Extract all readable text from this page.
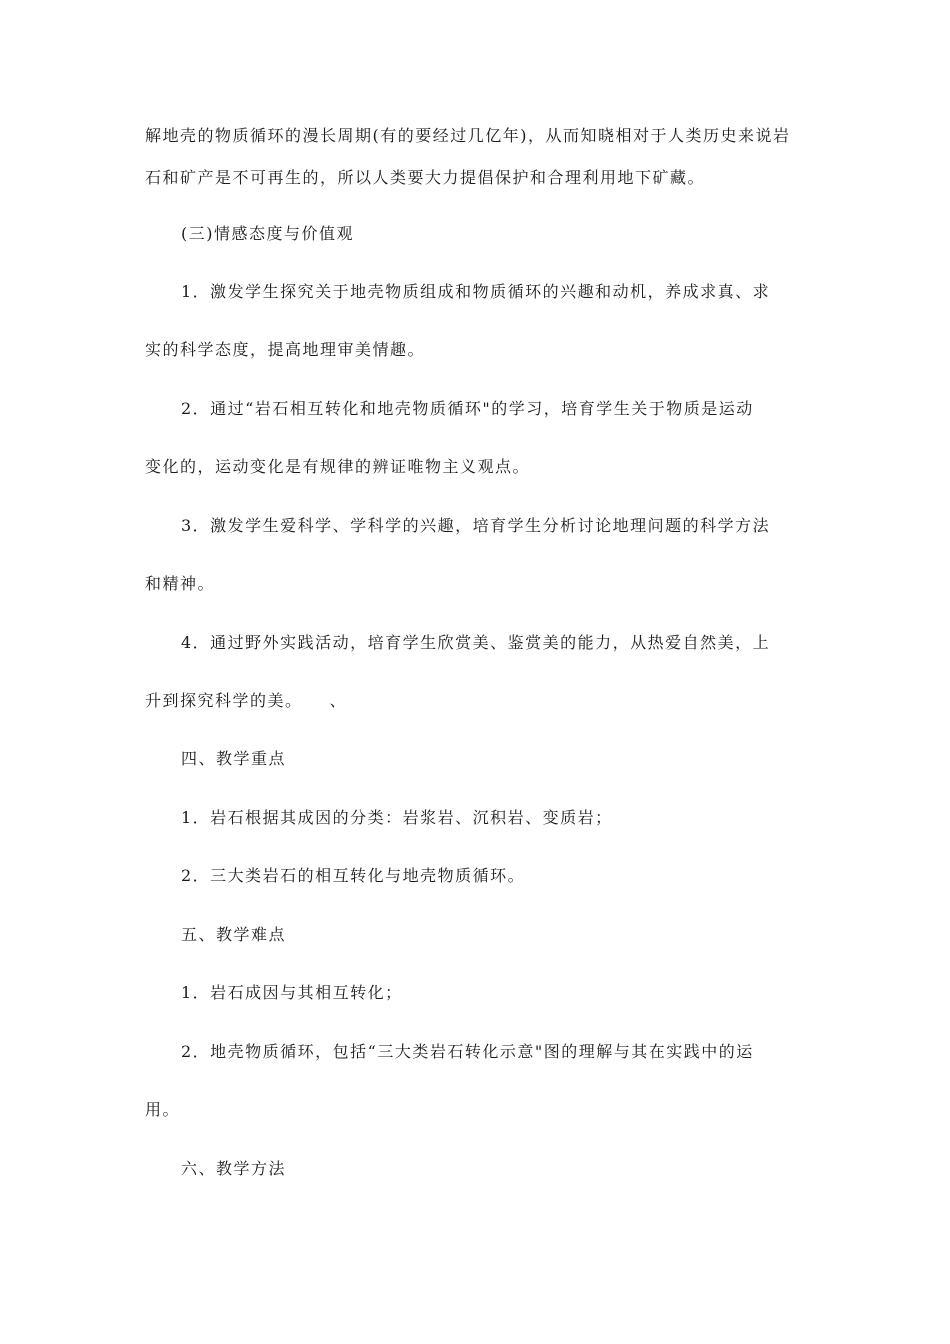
解地壳的物质循环的漫长周期(有的要经过几亿年)，从而知晓相对于人类历史来说岩
石和矿产是不可再生的，所以人类要大力提倡保护和合理利用地下矿藏。
(三)情感态度与价值观
1．激发学生探究关于地壳物质组成和物质循环的兴趣和动机，养成求真、求
实的科学态度，提高地理审美情趣。
2．通过“岩石相互转化和地壳物质循环"的学习，培育学生关于物质是运动
变化的，运动变化是有规律的辨证唯物主义观点。
3．激发学生爱科学、学科学的兴趣，培育学生分析讨论地理问题的科学方法
和精神。
4．通过野外实践活动，培育学生欣赏美、鉴赏美的能力，从热爱自然美，上
升到探究科学的美。　　、
四、教学重点
1．岩石根据其成因的分类：岩浆岩、沉积岩、变质岩；
2．三大类岩石的相互转化与地壳物质循环。
五、教学难点
1．岩石成因与其相互转化；
2．地壳物质循环，包括“三大类岩石转化示意"图的理解与其在实践中的运
用。
六、教学方法
